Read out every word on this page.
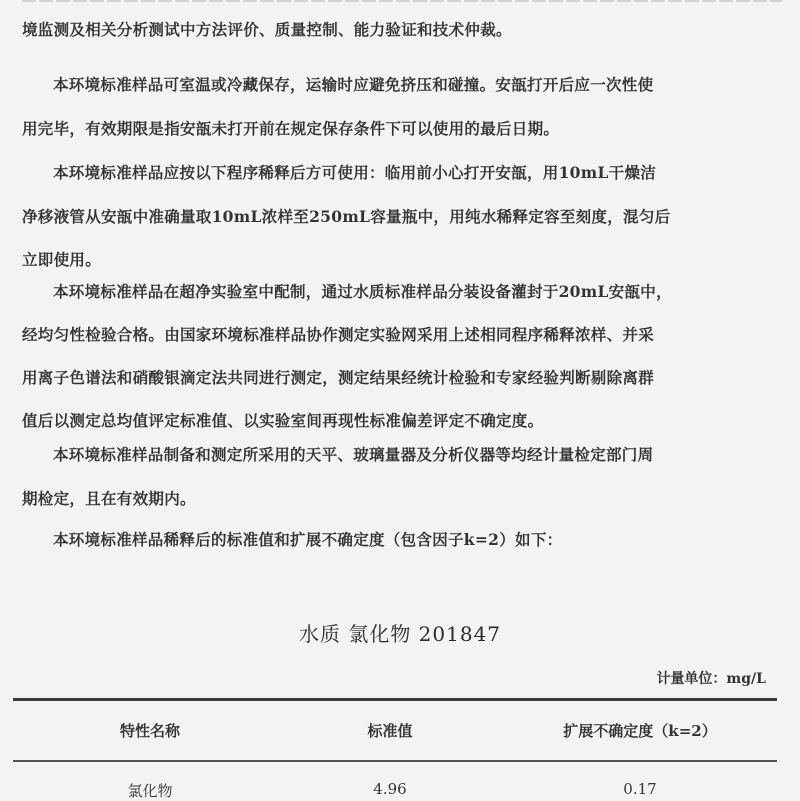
境监测及相关分析测试中方法评价、质量控制、能力验证和技术仲裁。
本环境标准样品可室温或冷藏保存，运输时应避免挤压和碰撞。安瓿打开后应一次性使
用完毕，有效期限是指安瓿未打开前在规定保存条件下可以使用的最后日期。
本环境标准样品应按以下程序稀释后方可使用：临用前小心打开安瓿，用10mL干燥洁
净移液管从安瓿中准确量取10mL浓样至250mL容量瓶中，用纯水稀释定容至刻度，混匀后
立即使用。
本环境标准样品在超净实验室中配制，通过水质标准样品分装设备灌封于20mL安瓿中，
经均匀性检验合格。由国家环境标准样品协作测定实验网采用上述相同程序稀释浓样、并采
用离子色谱法和硝酸银滴定法共同进行测定，测定结果经统计检验和专家经验判断剔除离群
值后以测定总均值评定标准值、以实验室间再现性标准偏差评定不确定度。
本环境标准样品制备和测定所采用的天平、玻璃量器及分析仪器等均经计量检定部门周
期检定，且在有效期内。
本环境标准样品稀释后的标准值和扩展不确定度（包含因子k=2）如下：
水质 氯化物 201847
计量单位：mg/L
特性名称	标准值	扩展不确定度（k=2）
氯化物	4.96	0.17
